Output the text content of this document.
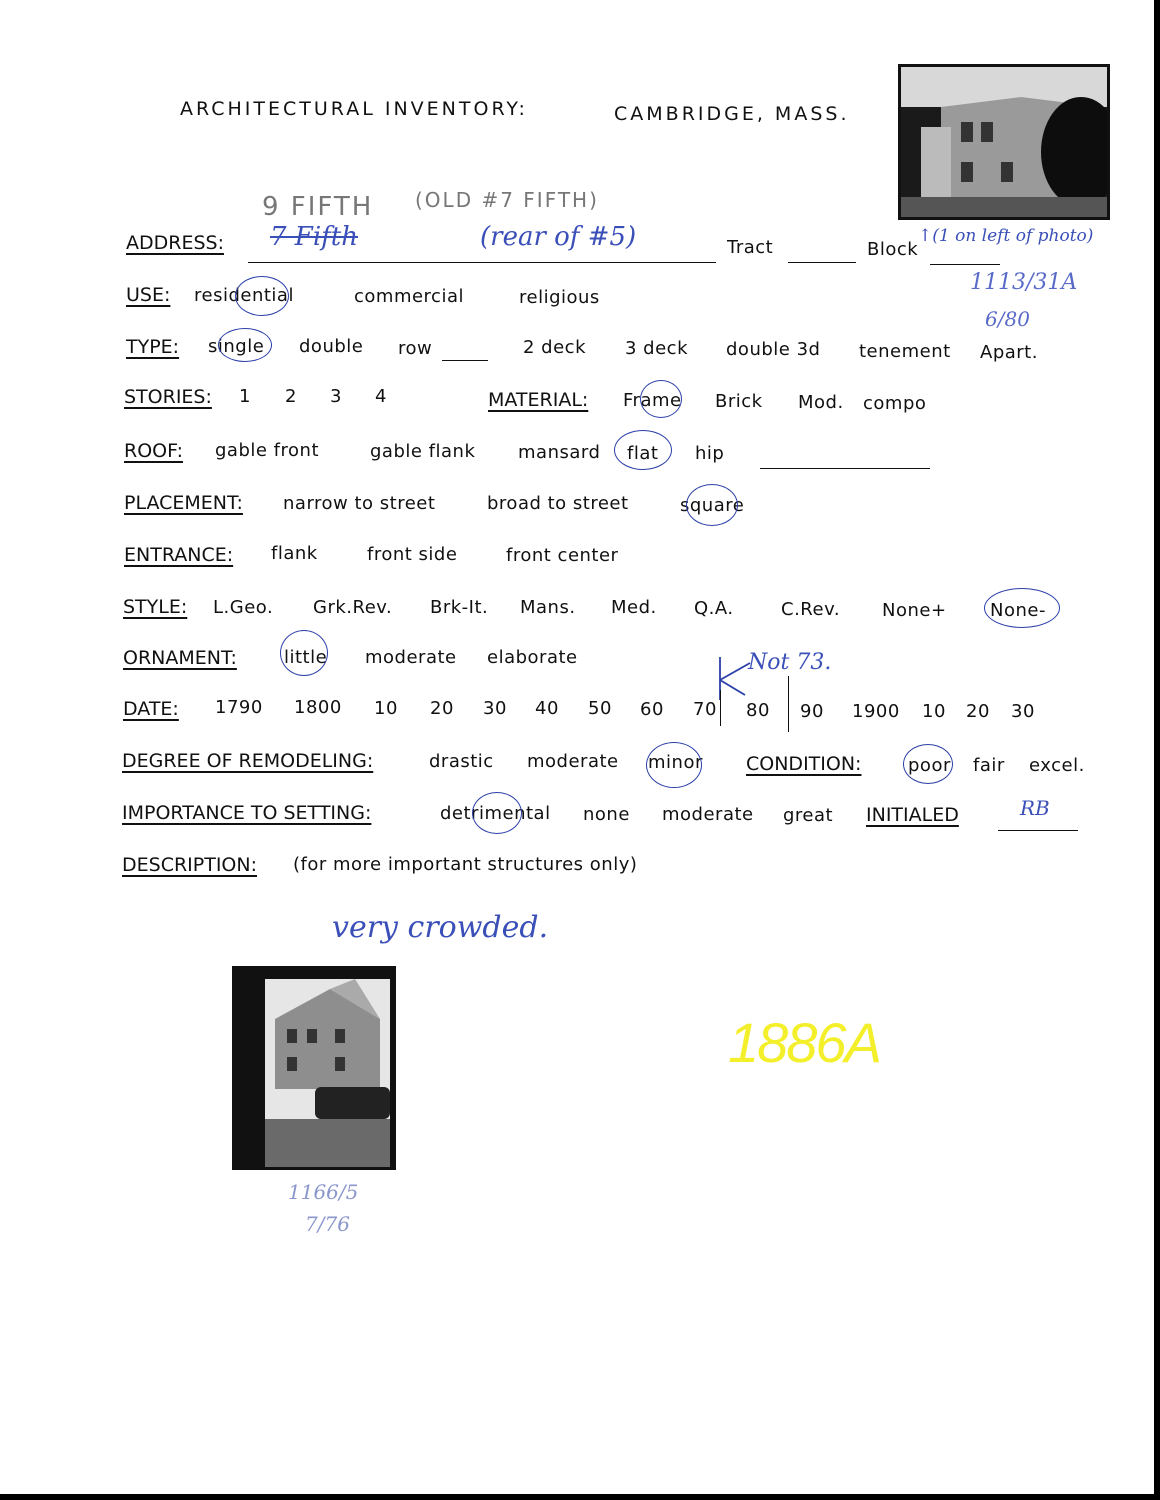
ARCHITECTURAL INVENTORY:	CAMBRIDGE, MASS.
9 FIFTH (OLD #7 FIFTH)
ADDRESS: 7 Fifth	(rear of #5)	Tract	Block
↑(1 on left of photo)
1113/31A
6/80
USE: residential	commercial	religious
TYPE: single double row	2 deck 3 deck double 3d tenement Apart.
STORIES: 1 2 3 4	MATERIAL: Frame Brick Mod. compo
ROOF: gable front	gable flank mansard flat hip
PLACEMENT: narrow to street	broad to street	square
ENTRANCE: flank	front side	front center
STYLE: L.Geo. Grk.Rev. Brk-It. Mans. Med. Q.A.	C.Rev. None+ None-
ORNAMENT:	little moderate elaborate	Not 73.
DATE: 1790 1800 10 20 30 40 50 60 70 80 90 1900 10 20 30
DEGREE OF REMODELING:	drastic moderate minor CONDITION:	poor fair excel.
IMPORTANCE TO SETTING:	detrimental none moderate great INITIALED	RB
DESCRIPTION: (for more important structures only)
very crowded.
1166/5
7/76
1886A
